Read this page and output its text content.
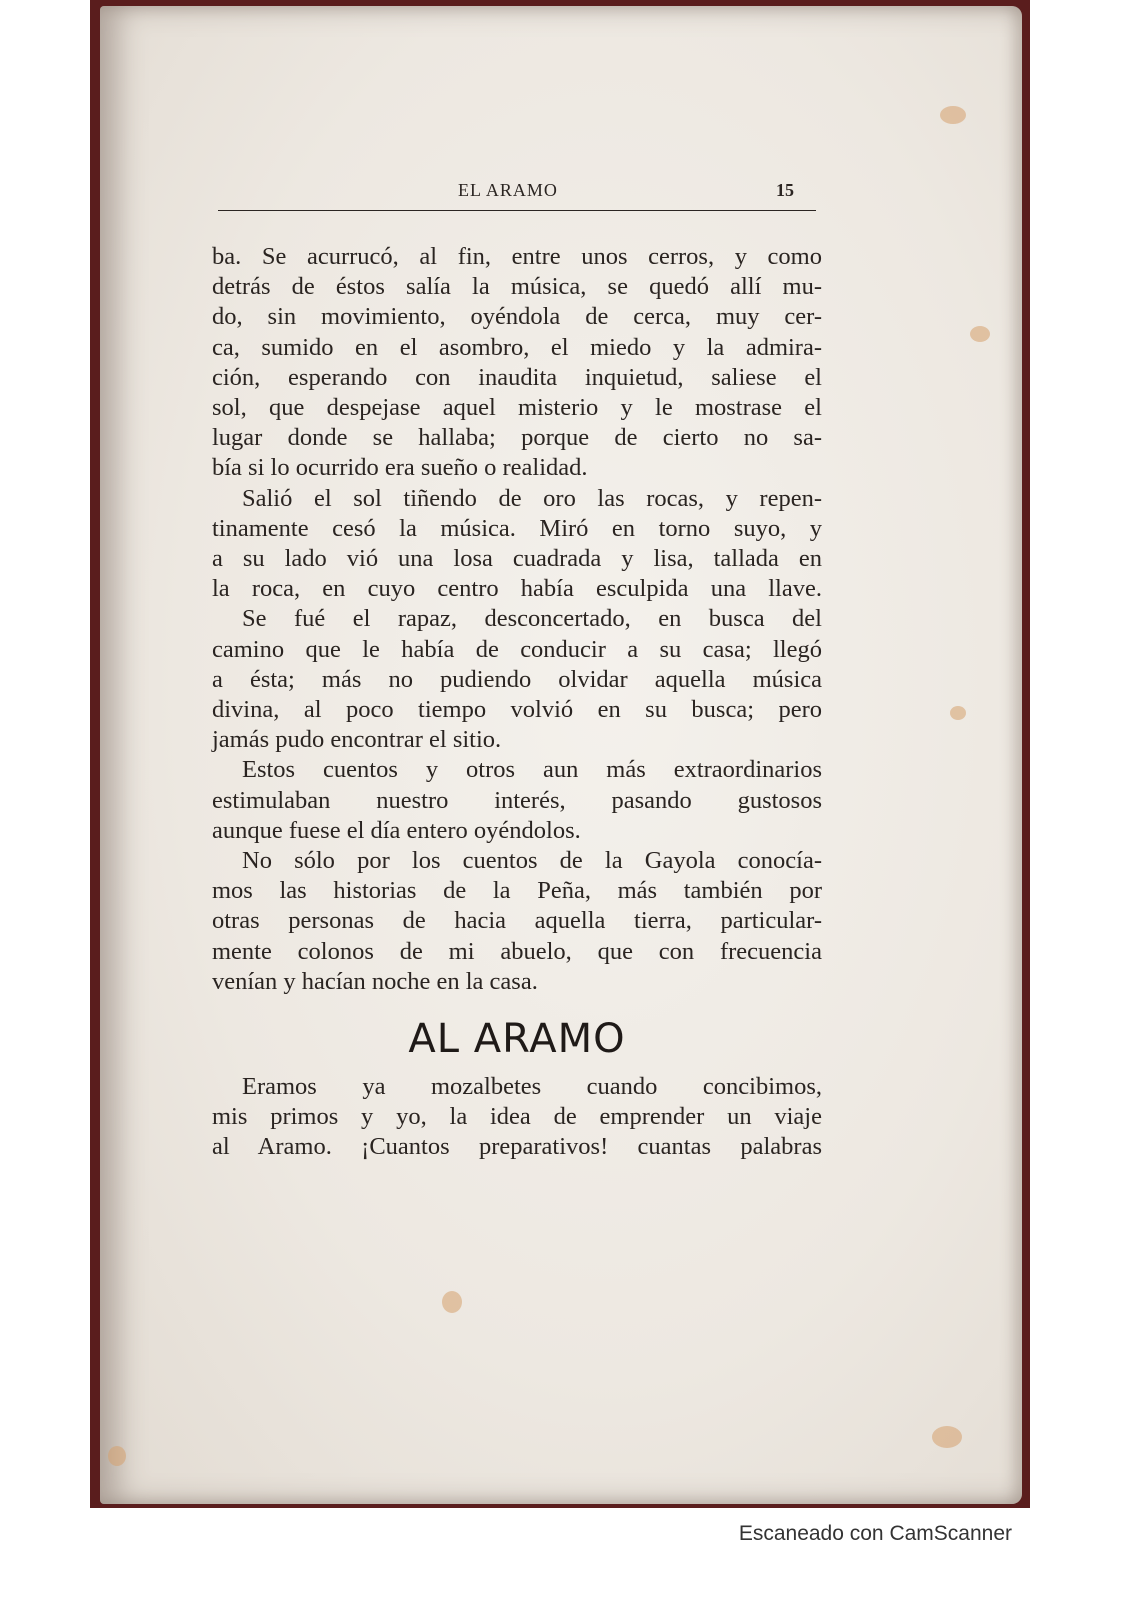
EL ARAMO	15
ba. Se acurrucó, al fin, entre unos cerros, y como
detrás de éstos salía la música, se quedó allí mu-
do, sin movimiento, oyéndola de cerca, muy cer-
ca, sumido en el asombro, el miedo y la admira-
ción, esperando con inaudita inquietud, saliese el
sol, que despejase aquel misterio y le mostrase el
lugar donde se hallaba; porque de cierto no sa-
bía si lo ocurrido era sueño o realidad.
Salió el sol tiñendo de oro las rocas, y repen-
tinamente cesó la música. Miró en torno suyo, y
a su lado vió una losa cuadrada y lisa, tallada en
la roca, en cuyo centro había esculpida una llave.
Se fué el rapaz, desconcertado, en busca del
camino que le había de conducir a su casa; llegó
a ésta; más no pudiendo olvidar aquella música
divina, al poco tiempo volvió en su busca; pero
jamás pudo encontrar el sitio.
Estos cuentos y otros aun más extraordinarios
estimulaban nuestro interés, pasando gustosos
aunque fuese el día entero oyéndolos.
No sólo por los cuentos de la Gayola conocía-
mos las historias de la Peña, más también por
otras personas de hacia aquella tierra, particular-
mente colonos de mi abuelo, que con frecuencia
venían y hacían noche en la casa.
AL ARAMO
Eramos ya mozalbetes cuando concibimos,
mis primos y yo, la idea de emprender un viaje
al Aramo. ¡Cuantos preparativos! cuantas palabras
Escaneado con CamScanner
